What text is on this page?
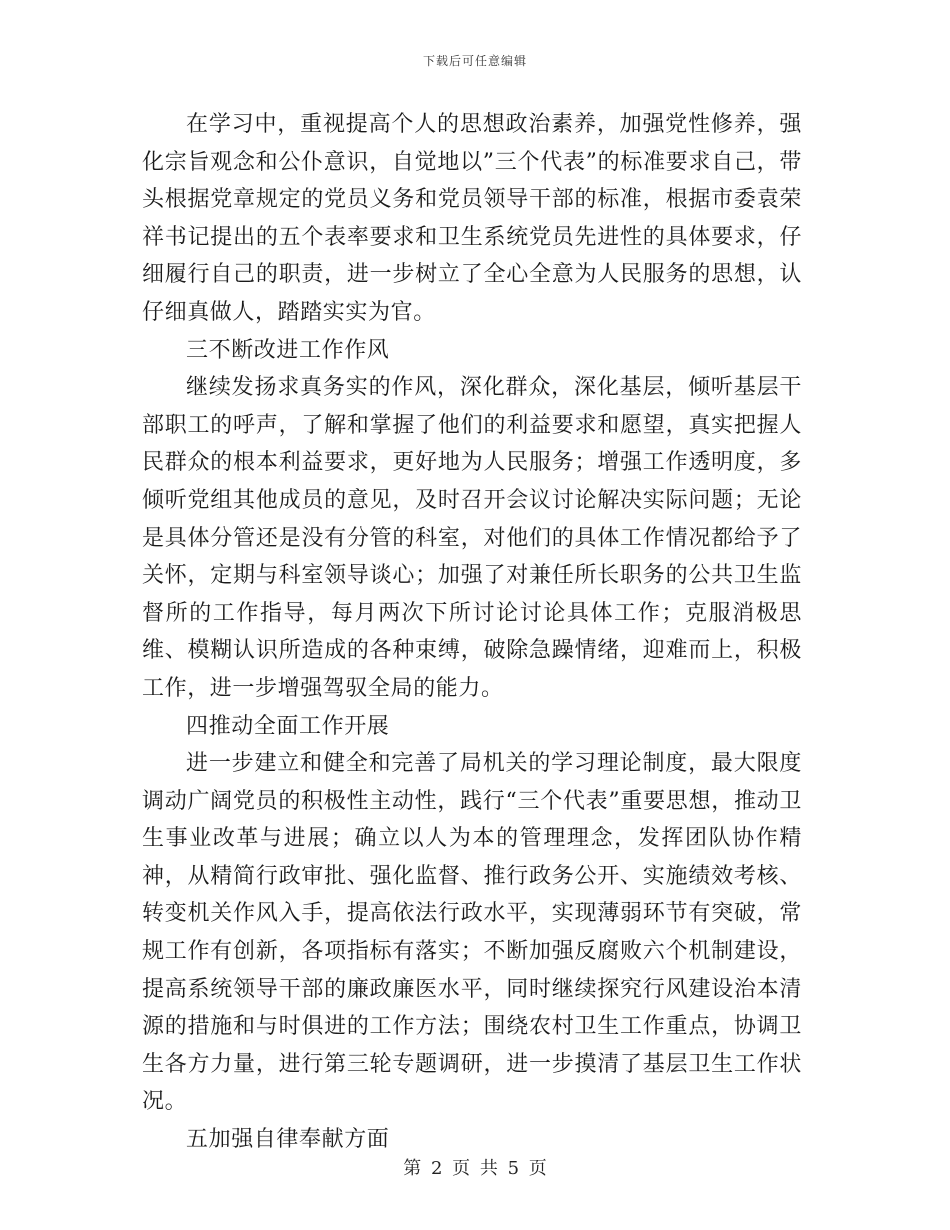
下载后可任意编辑

在学习中，重视提高个人的思想政治素养，加强党性修养，强化宗旨观念和公仆意识，自觉地以”三个代表”的标准要求自己，带头根据党章规定的党员义务和党员领导干部的标准，根据市委袁荣祥书记提出的五个表率要求和卫生系统党员先进性的具体要求，仔细履行自己的职责，进一步树立了全心全意为人民服务的思想，认仔细真做人，踏踏实实为官。

三不断改进工作作风

继续发扬求真务实的作风，深化群众，深化基层，倾听基层干部职工的呼声，了解和掌握了他们的利益要求和愿望，真实把握人民群众的根本利益要求，更好地为人民服务；增强工作透明度，多倾听党组其他成员的意见，及时召开会议讨论解决实际问题；无论是具体分管还是没有分管的科室，对他们的具体工作情况都给予了关怀，定期与科室领导谈心；加强了对兼任所长职务的公共卫生监督所的工作指导，每月两次下所讨论讨论具体工作；克服消极思维、模糊认识所造成的各种束缚，破除急躁情绪，迎难而上，积极工作，进一步增强驾驭全局的能力。

四推动全面工作开展

进一步建立和健全和完善了局机关的学习理论制度，最大限度调动广阔党员的积极性主动性，践行“三个代表”重要思想，推动卫生事业改革与进展；确立以人为本的管理理念，发挥团队协作精神，从精简行政审批、强化监督、推行政务公开、实施绩效考核、转变机关作风入手，提高依法行政水平，实现薄弱环节有突破，常规工作有创新，各项指标有落实；不断加强反腐败六个机制建设，提高系统领导干部的廉政廉医水平，同时继续探究行风建设治本清源的措施和与时俱进的工作方法；围绕农村卫生工作重点，协调卫生各方力量，进行第三轮专题调研，进一步摸清了基层卫生工作状况。

五加强自律奉献方面

第 2 页 共 5 页
